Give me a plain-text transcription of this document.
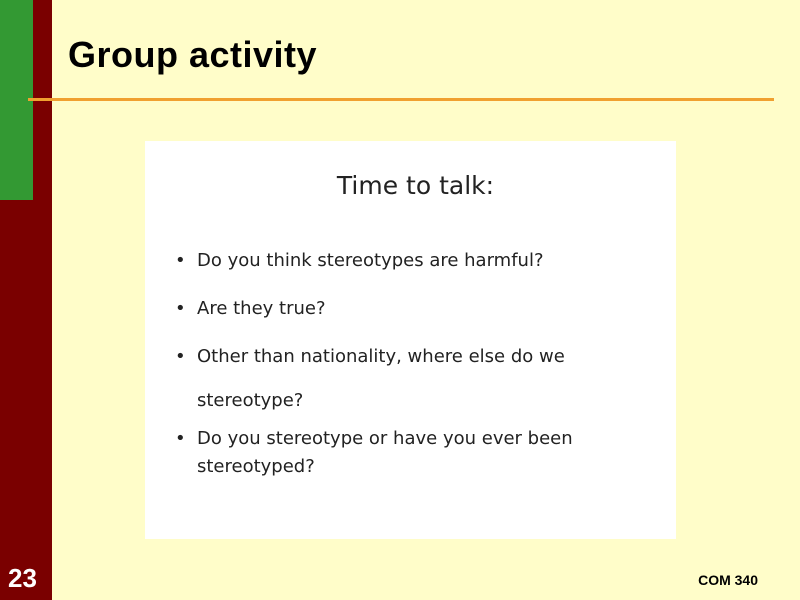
Group activity
Time to talk:
• Do you think stereotypes are harmful?
• Are they true?
• Other than nationality, where else do we stereotype?
• Do you stereotype or have you ever been stereotyped?
23	COM 340
